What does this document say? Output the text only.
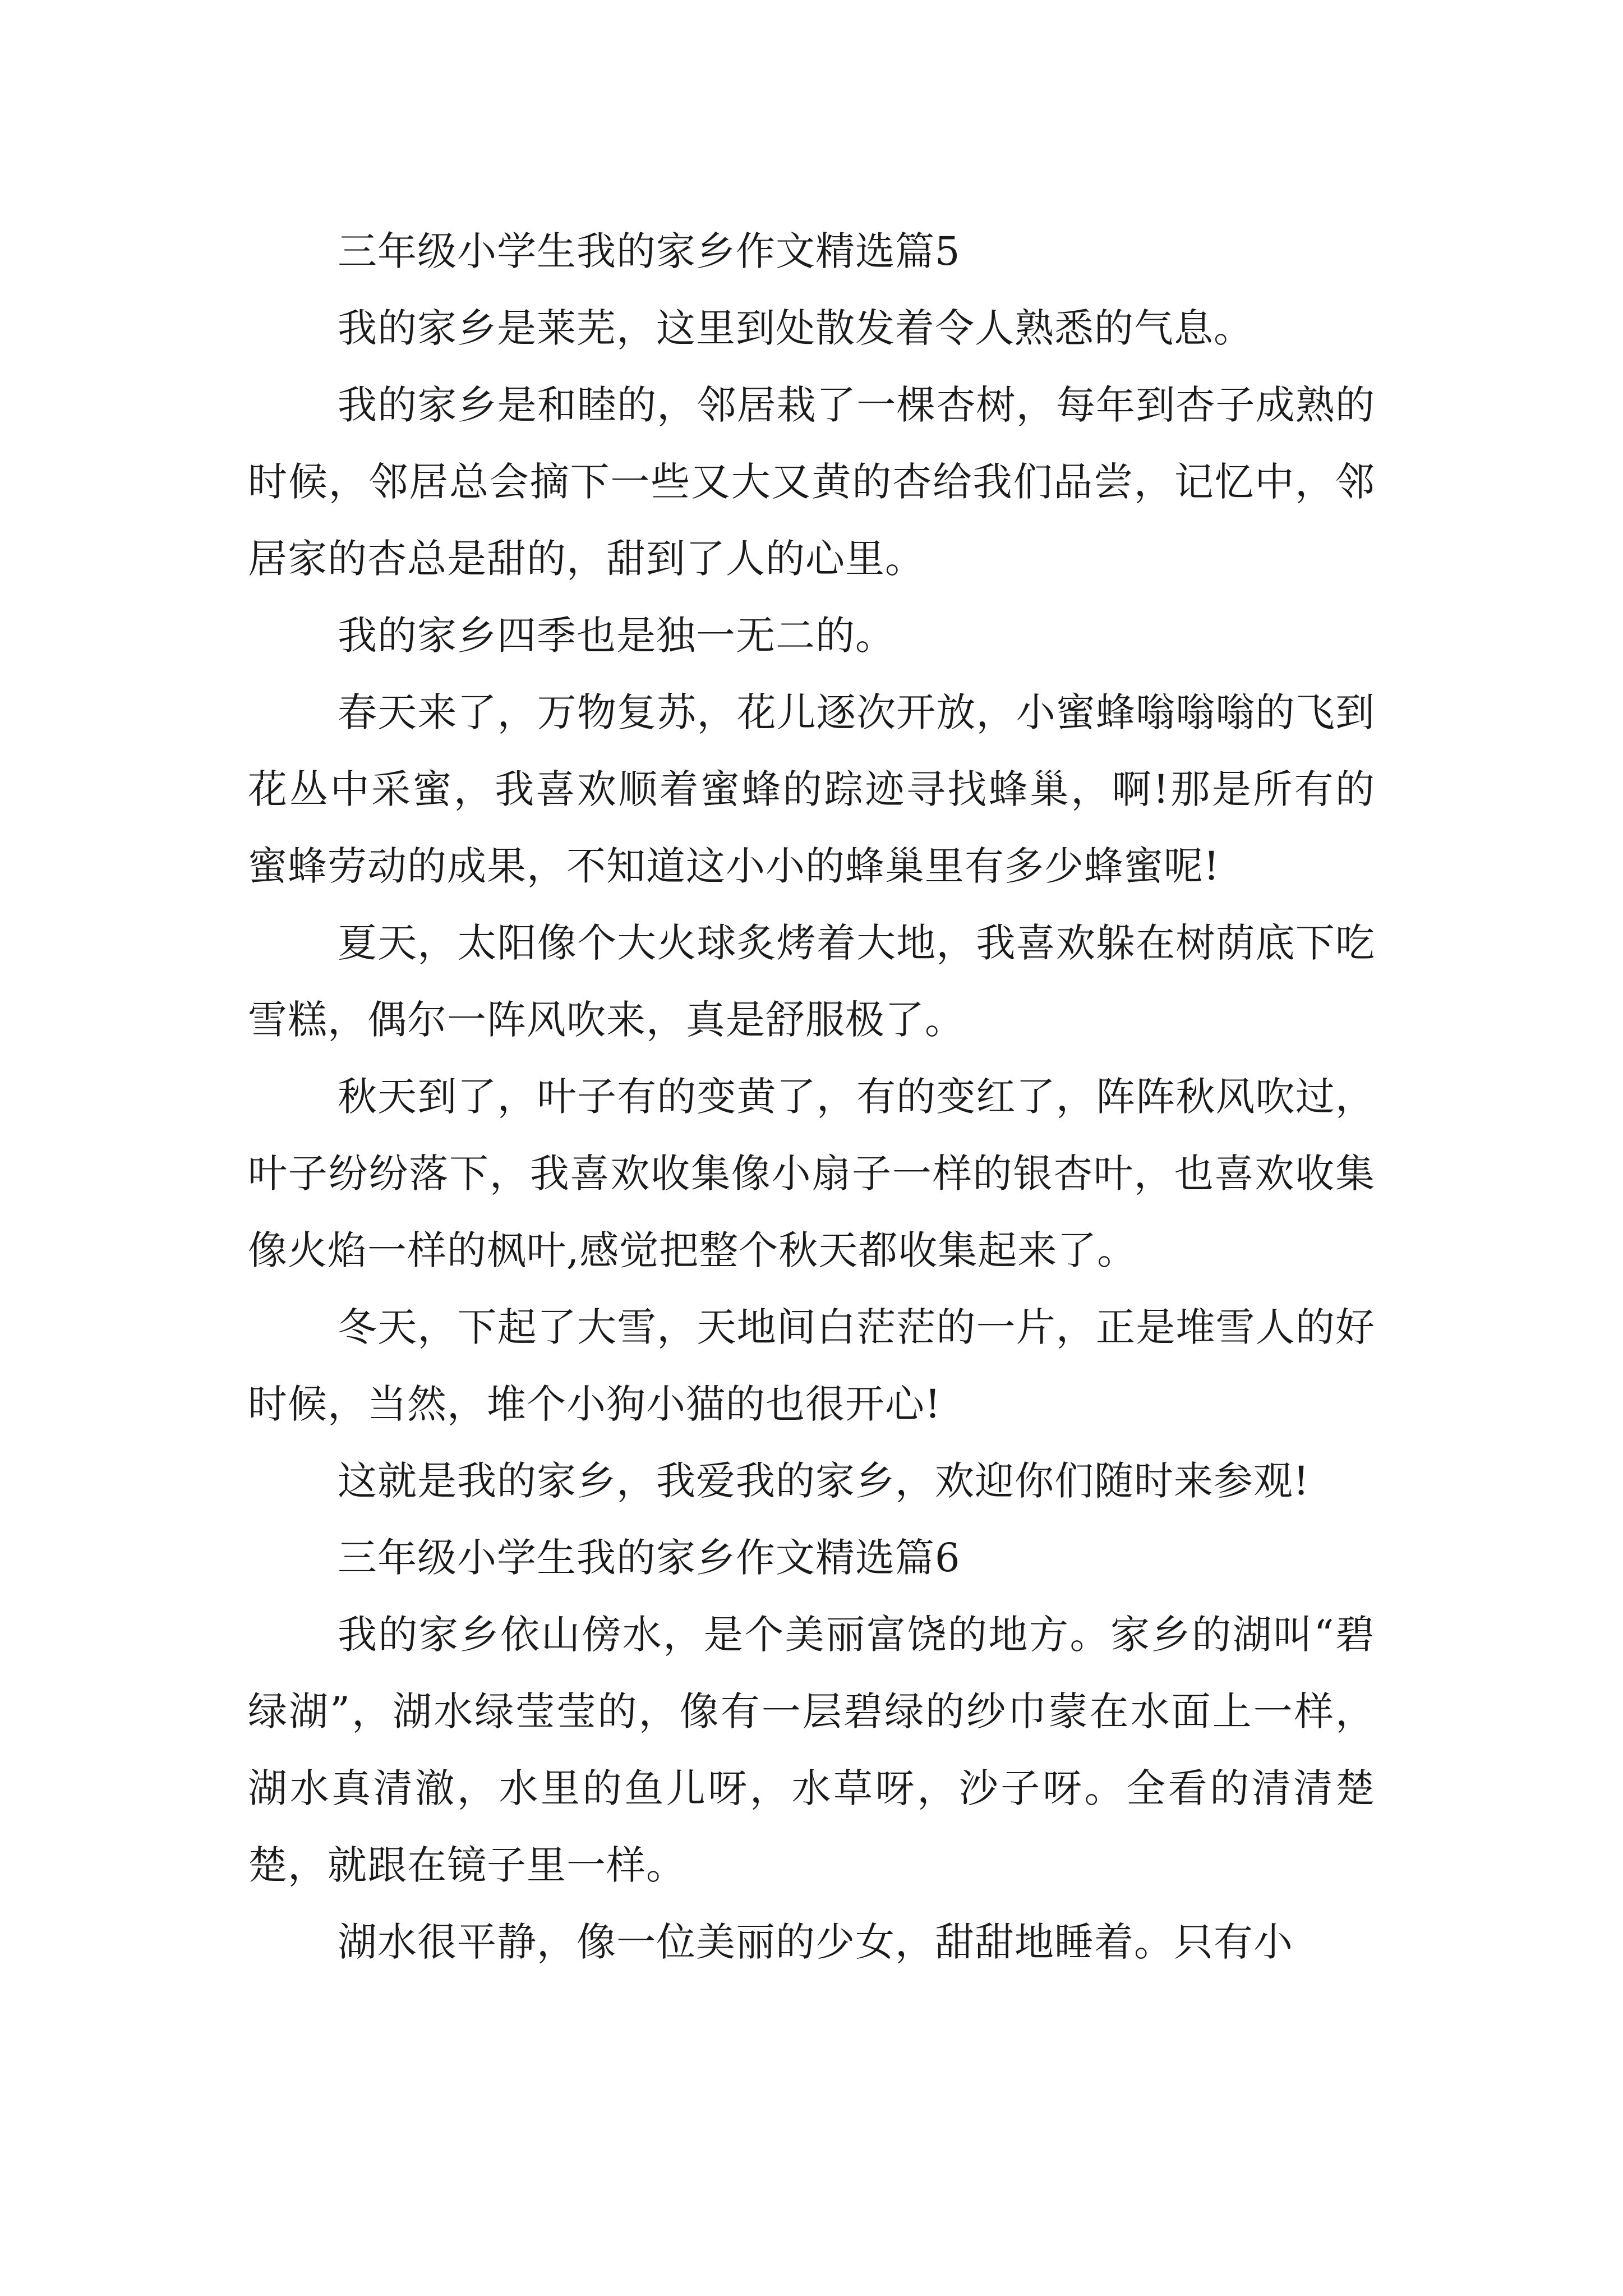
三年级小学生我的家乡作文精选篇5

我的家乡是莱芜，这里到处散发着令人熟悉的气息。

我的家乡是和睦的，邻居栽了一棵杏树，每年到杏子成熟的时候，邻居总会摘下一些又大又黄的杏给我们品尝，记忆中，邻居家的杏总是甜的，甜到了人的心里。

我的家乡四季也是独一无二的。

春天来了，万物复苏，花儿逐次开放，小蜜蜂嗡嗡嗡的飞到花丛中采蜜，我喜欢顺着蜜蜂的踪迹寻找蜂巢，啊!那是所有的蜜蜂劳动的成果，不知道这小小的蜂巢里有多少蜂蜜呢!

夏天，太阳像个大火球炙烤着大地，我喜欢躲在树荫底下吃雪糕，偶尔一阵风吹来，真是舒服极了。

秋天到了，叶子有的变黄了，有的变红了，阵阵秋风吹过，叶子纷纷落下，我喜欢收集像小扇子一样的银杏叶，也喜欢收集像火焰一样的枫叶,感觉把整个秋天都收集起来了。

冬天，下起了大雪，天地间白茫茫的一片，正是堆雪人的好时候，当然，堆个小狗小猫的也很开心!

这就是我的家乡，我爱我的家乡，欢迎你们随时来参观!

三年级小学生我的家乡作文精选篇6

我的家乡依山傍水，是个美丽富饶的地方。家乡的湖叫“碧绿湖”，湖水绿莹莹的，像有一层碧绿的纱巾蒙在水面上一样，湖水真清澈，水里的鱼儿呀，水草呀，沙子呀。全看的清清楚楚，就跟在镜子里一样。

湖水很平静，像一位美丽的少女，甜甜地睡着。只有小
